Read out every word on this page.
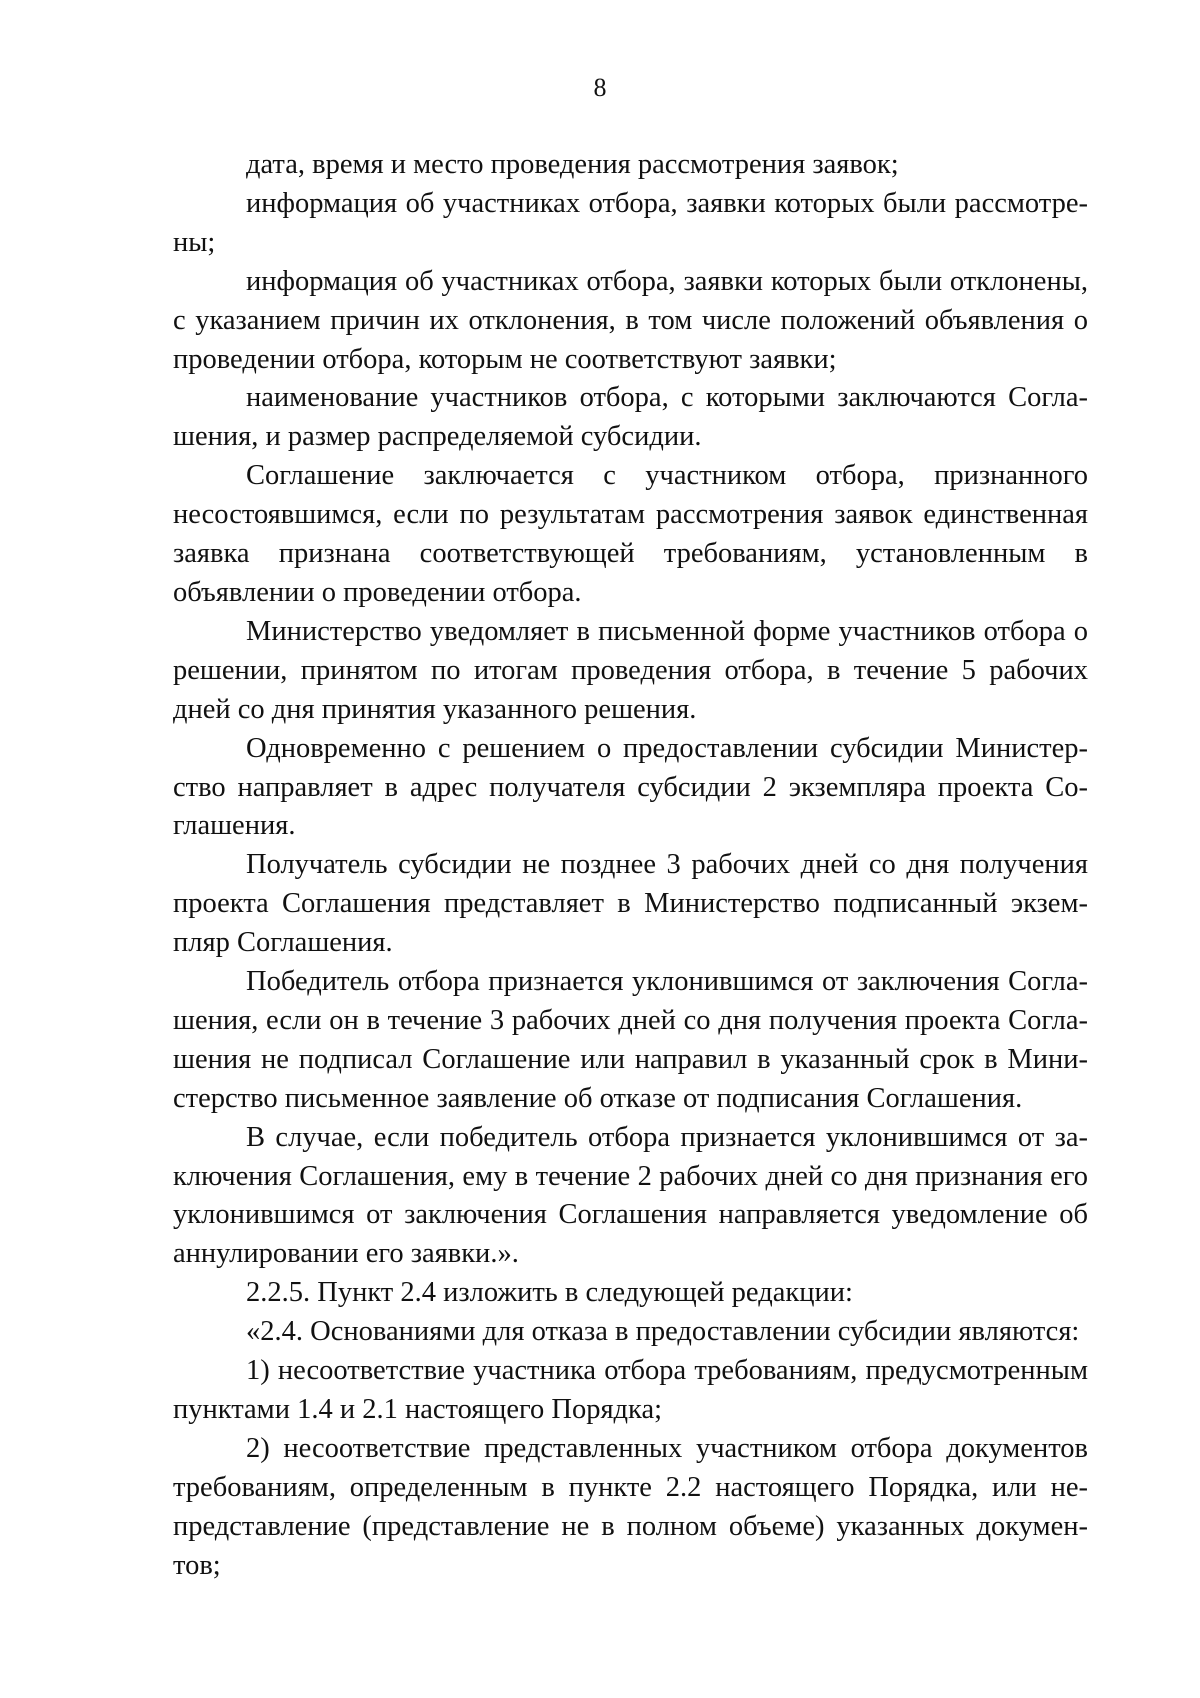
8

дата, время и место проведения рассмотрения заявок;

информация об участниках отбора, заявки которых были рассмотрены;

информация об участниках отбора, заявки которых были отклонены, с указанием причин их отклонения, в том числе положений объявления о проведении отбора, которым не соответствуют заявки;

наименование участников отбора, с которыми заключаются Соглашения, и размер распределяемой субсидии.

Соглашение заключается с участником отбора, признанного несостоявшимся, если по результатам рассмотрения заявок единственная заявка признана соответствующей требованиям, установленным в объявлении о проведении отбора.

Министерство уведомляет в письменной форме участников отбора о решении, принятом по итогам проведения отбора, в течение 5 рабочих дней со дня принятия указанного решения.

Одновременно с решением о предоставлении субсидии Министерство направляет в адрес получателя субсидии 2 экземпляра проекта Соглашения.

Получатель субсидии не позднее 3 рабочих дней со дня получения проекта Соглашения представляет в Министерство подписанный экземпляр Соглашения.

Победитель отбора признается уклонившимся от заключения Соглашения, если он в течение 3 рабочих дней со дня получения проекта Соглашения не подписал Соглашение или направил в указанный срок в Министерство письменное заявление об отказе от подписания Соглашения.

В случае, если победитель отбора признается уклонившимся от заключения Соглашения, ему в течение 2 рабочих дней со дня признания его уклонившимся от заключения Соглашения направляется уведомление об аннулировании его заявки.».

2.2.5. Пункт 2.4 изложить в следующей редакции:

«2.4. Основаниями для отказа в предоставлении субсидии являются:

1) несоответствие участника отбора требованиям, предусмотренным пунктами 1.4 и 2.1 настоящего Порядка;

2) несоответствие представленных участником отбора документов требованиям, определенным в пункте 2.2 настоящего Порядка, или непредставление (представление не в полном объеме) указанных документов;
